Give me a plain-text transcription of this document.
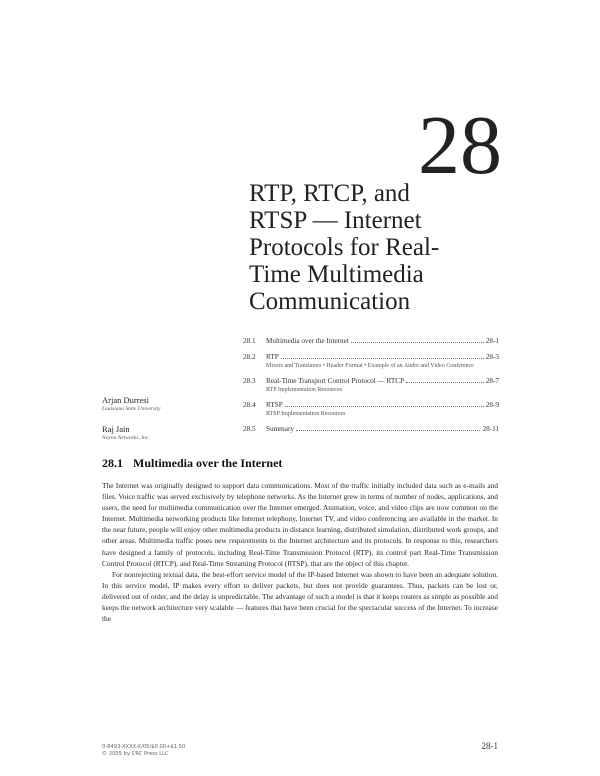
28
RTP, RTCP, and
RTSP — Internet
Protocols for Real-
Time Multimedia
Communication
28.1	Multimedia over the Internet	28-1
28.2	RTP	28-3
Mixers and Translators • Header Format • Example of an Audio and Video Conference
28.3	Real-Time Transport Control Protocol — RTCP	28-7
RTP Implementation Resources
28.4	RTSP	28-9
RTSP Implementation Resources
28.5	Summary	28-11
Arjan Durresi
Louisiana State University
Raj Jain
Nayna Networks, Inc.
28.1 Multimedia over the Internet

The Internet was originally designed to support data communications. Most of the traffic initially included data such as e-mails and files. Voice traffic was served exclusively by telephone networks. As the Internet grew in terms of number of nodes, applications, and users, the need for multimedia communication over the Internet emerged. Animation, voice, and video clips are now common on the Internet. Multimedia networking products like Internet telephony, Internet TV, and video conferencing are available in the market. In the near future, people will enjoy other multimedia products in distance learning, distributed simulation, distributed work groups, and other areas. Multimedia traffic poses new requirements to the Internet architecture and its protocols. In response to this, researchers have designed a family of protocols, including Real-Time Transmission Protocol (RTP), its control part Real-Time Transmission Control Protocol (RTCP), and Real-Time Streaming Protocol (RTSP), that are the object of this chapter.

For nonrejecting textual data, the best-effort service model of the IP-based Internet was shown to have been an adequate solution. In this service model, IP makes every effort to deliver packets, but does not provide guarantees. Thus, packets can be lost or, delivered out of order, and the delay is unpredictable. The advantage of such a model is that it keeps routers as simple as possible and keeps the network architecture very scalable — features that have been crucial for the spectacular success of the Internet. To increase the

0-8493-XXXX-X/05/$0.00+$1.50
© 2005 by CRC Press LLC
28-1
